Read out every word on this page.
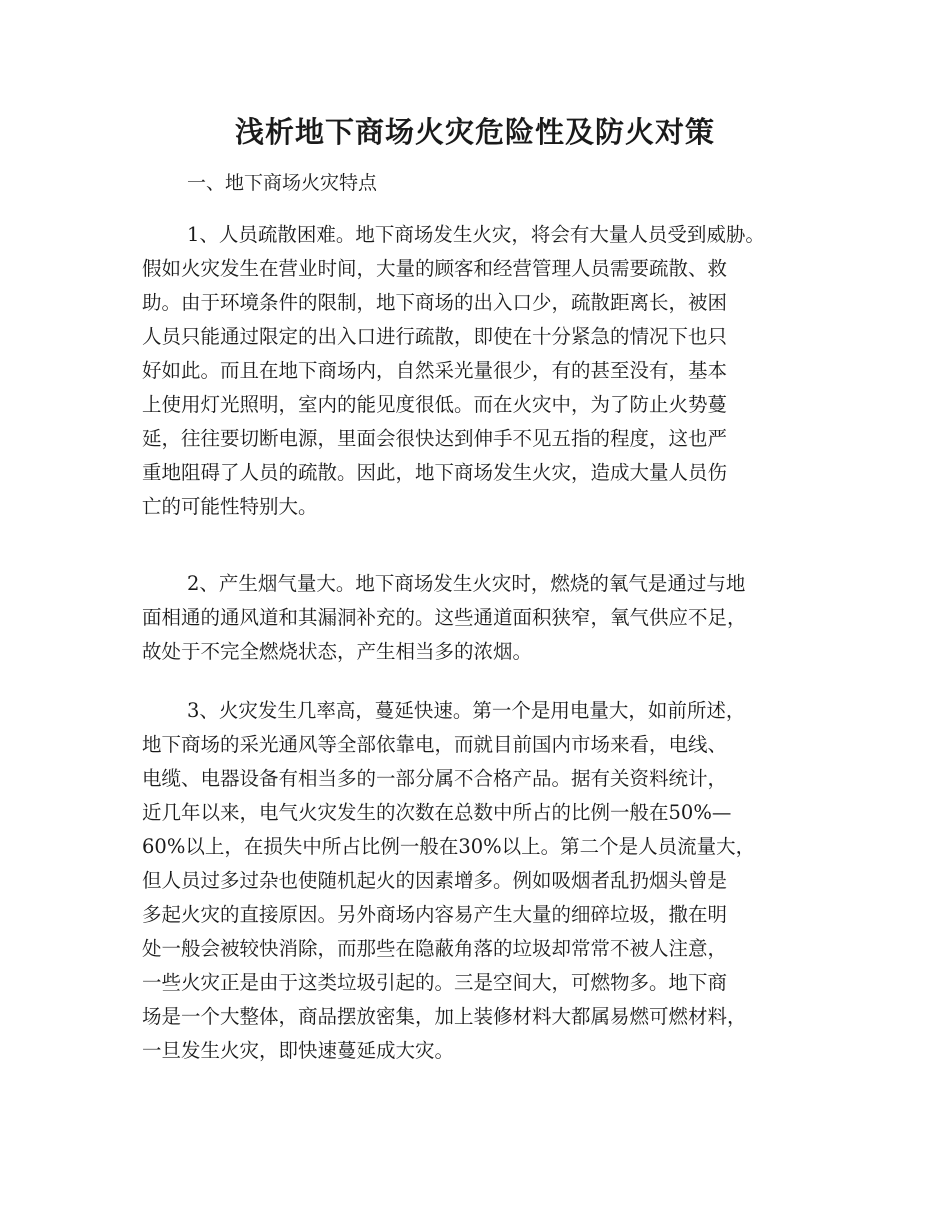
浅析地下商场火灾危险性及防火对策

一、地下商场火灾特点

1、人员疏散困难。地下商场发生火灾，将会有大量人员受到威胁。
假如火灾发生在营业时间，大量的顾客和经营管理人员需要疏散、救
助。由于环境条件的限制，地下商场的出入口少，疏散距离长，被困
人员只能通过限定的出入口进行疏散，即使在十分紧急的情况下也只
好如此。而且在地下商场内，自然采光量很少，有的甚至没有，基本
上使用灯光照明，室内的能见度很低。而在火灾中，为了防止火势蔓
延，往往要切断电源，里面会很快达到伸手不见五指的程度，这也严
重地阻碍了人员的疏散。因此，地下商场发生火灾，造成大量人员伤
亡的可能性特别大。
2、产生烟气量大。地下商场发生火灾时，燃烧的氧气是通过与地
面相通的通风道和其漏洞补充的。这些通道面积狭窄，氧气供应不足，
故处于不完全燃烧状态，产生相当多的浓烟。
3、火灾发生几率高，蔓延快速。第一个是用电量大，如前所述，
地下商场的采光通风等全部依靠电，而就目前国内市场来看，电线、
电缆、电器设备有相当多的一部分属不合格产品。据有关资料统计，
近几年以来，电气火灾发生的次数在总数中所占的比例一般在50%—
60%以上，在损失中所占比例一般在30%以上。第二个是人员流量大，
但人员过多过杂也使随机起火的因素增多。例如吸烟者乱扔烟头曾是
多起火灾的直接原因。另外商场内容易产生大量的细碎垃圾，撒在明
处一般会被较快消除，而那些在隐蔽角落的垃圾却常常不被人注意，
一些火灾正是由于这类垃圾引起的。三是空间大，可燃物多。地下商
场是一个大整体，商品摆放密集，加上装修材料大都属易燃可燃材料，
一旦发生火灾，即快速蔓延成大灾。
